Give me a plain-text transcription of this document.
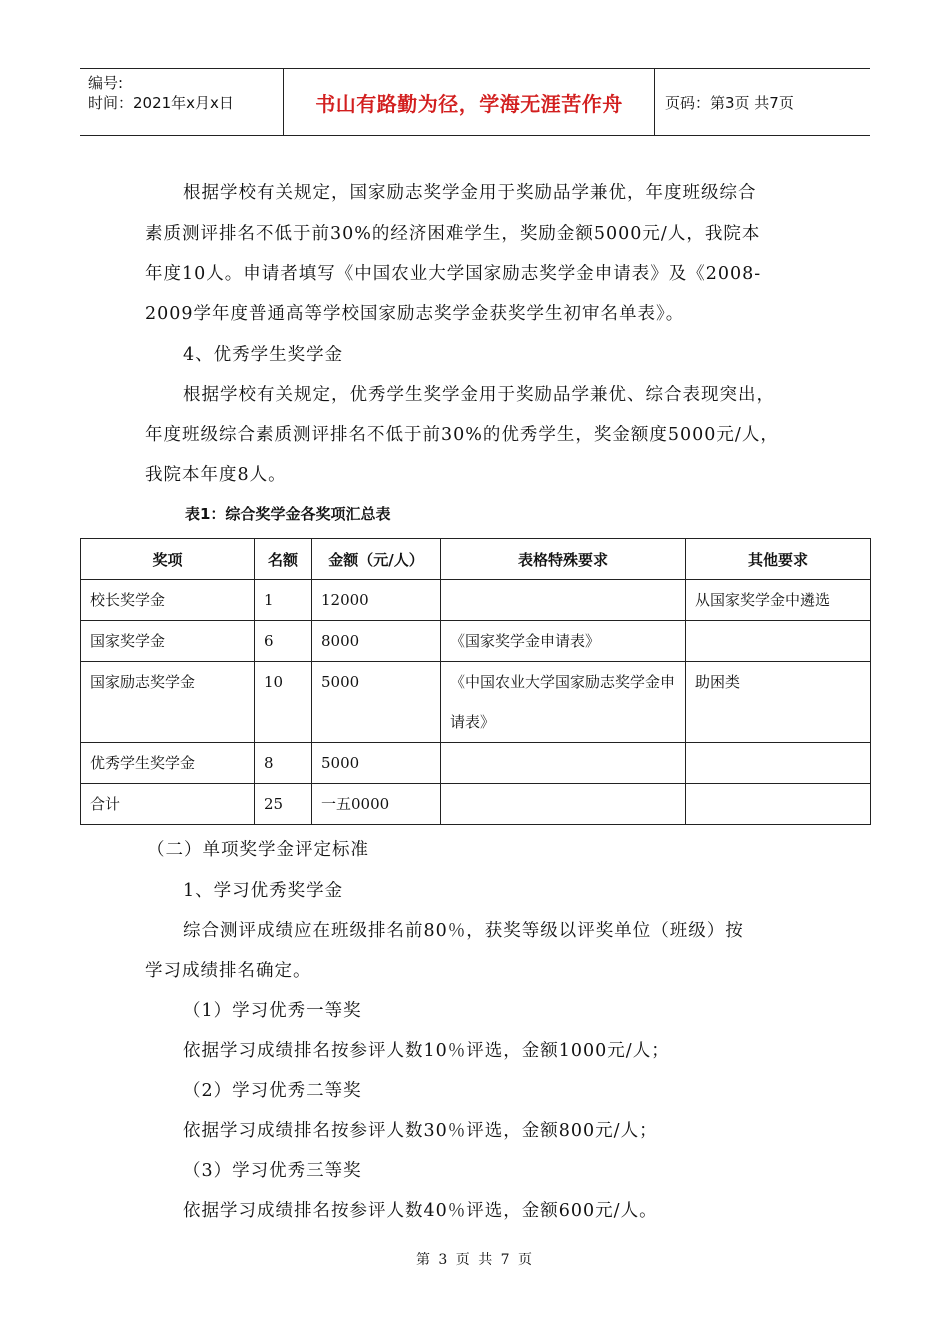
编号:
时间：2021年x月x日	书山有路勤为径，学海无涯苦作舟	页码：第3页 共7页
根据学校有关规定，国家励志奖学金用于奖励品学兼优，年度班级综合
素质测评排名不低于前30%的经济困难学生，奖励金额5000元/人，我院本
年度10人。申请者填写《中国农业大学国家励志奖学金申请表》及《2008-
2009学年度普通高等学校国家励志奖学金获奖学生初审名单表》。
4、优秀学生奖学金
根据学校有关规定，优秀学生奖学金用于奖励品学兼优、综合表现突出，
年度班级综合素质测评排名不低于前30%的优秀学生，奖金额度5000元/人，
我院本年度8人。
表1：综合奖学金各奖项汇总表
奖项	名额	金额（元/人）	表格特殊要求	其他要求
校长奖学金	1	12000		从国家奖学金中遴选
国家奖学金	6	8000	《国家奖学金申请表》	
国家励志奖学金	10	5000	《中国农业大学国家励志奖学金申请表》	助困类
优秀学生奖学金	8	5000		
合计	25	一五0000		
（二）单项奖学金评定标准
1、学习优秀奖学金
综合测评成绩应在班级排名前80％，获奖等级以评奖单位（班级）按
学习成绩排名确定。
（1）学习优秀一等奖
依据学习成绩排名按参评人数10％评选，金额1000元/人；
（2）学习优秀二等奖
依据学习成绩排名按参评人数30％评选，金额800元/人；
（3）学习优秀三等奖
依据学习成绩排名按参评人数40％评选，金额600元/人。
第 3 页 共 7 页
